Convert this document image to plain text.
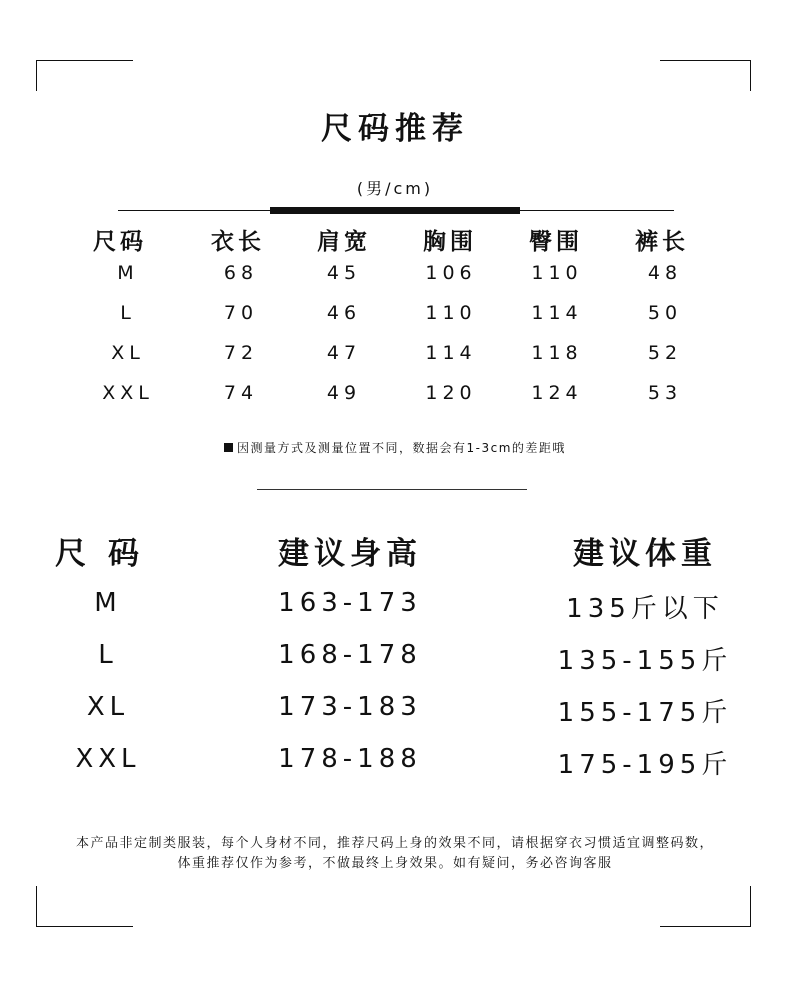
尺码推荐
(男/cm)
尺码	衣长	肩宽	胸围	臀围	裤长
M	68	45	106	110	48
L	70	46	110	114	50
XL	72	47	114	118	52
XXL	74	49	120	124	53
因测量方式及测量位置不同，数据会有1-3cm的差距哦
尺码	建议身高	建议体重
M	163-173	135斤以下
L	168-178	135-155斤
XL	173-183	155-175斤
XXL	178-188	175-195斤
本产品非定制类服装，每个人身材不同，推荐尺码上身的效果不同，请根据穿衣习惯适宜调整码数，
体重推荐仅作为参考，不做最终上身效果。如有疑问，务必咨询客服
